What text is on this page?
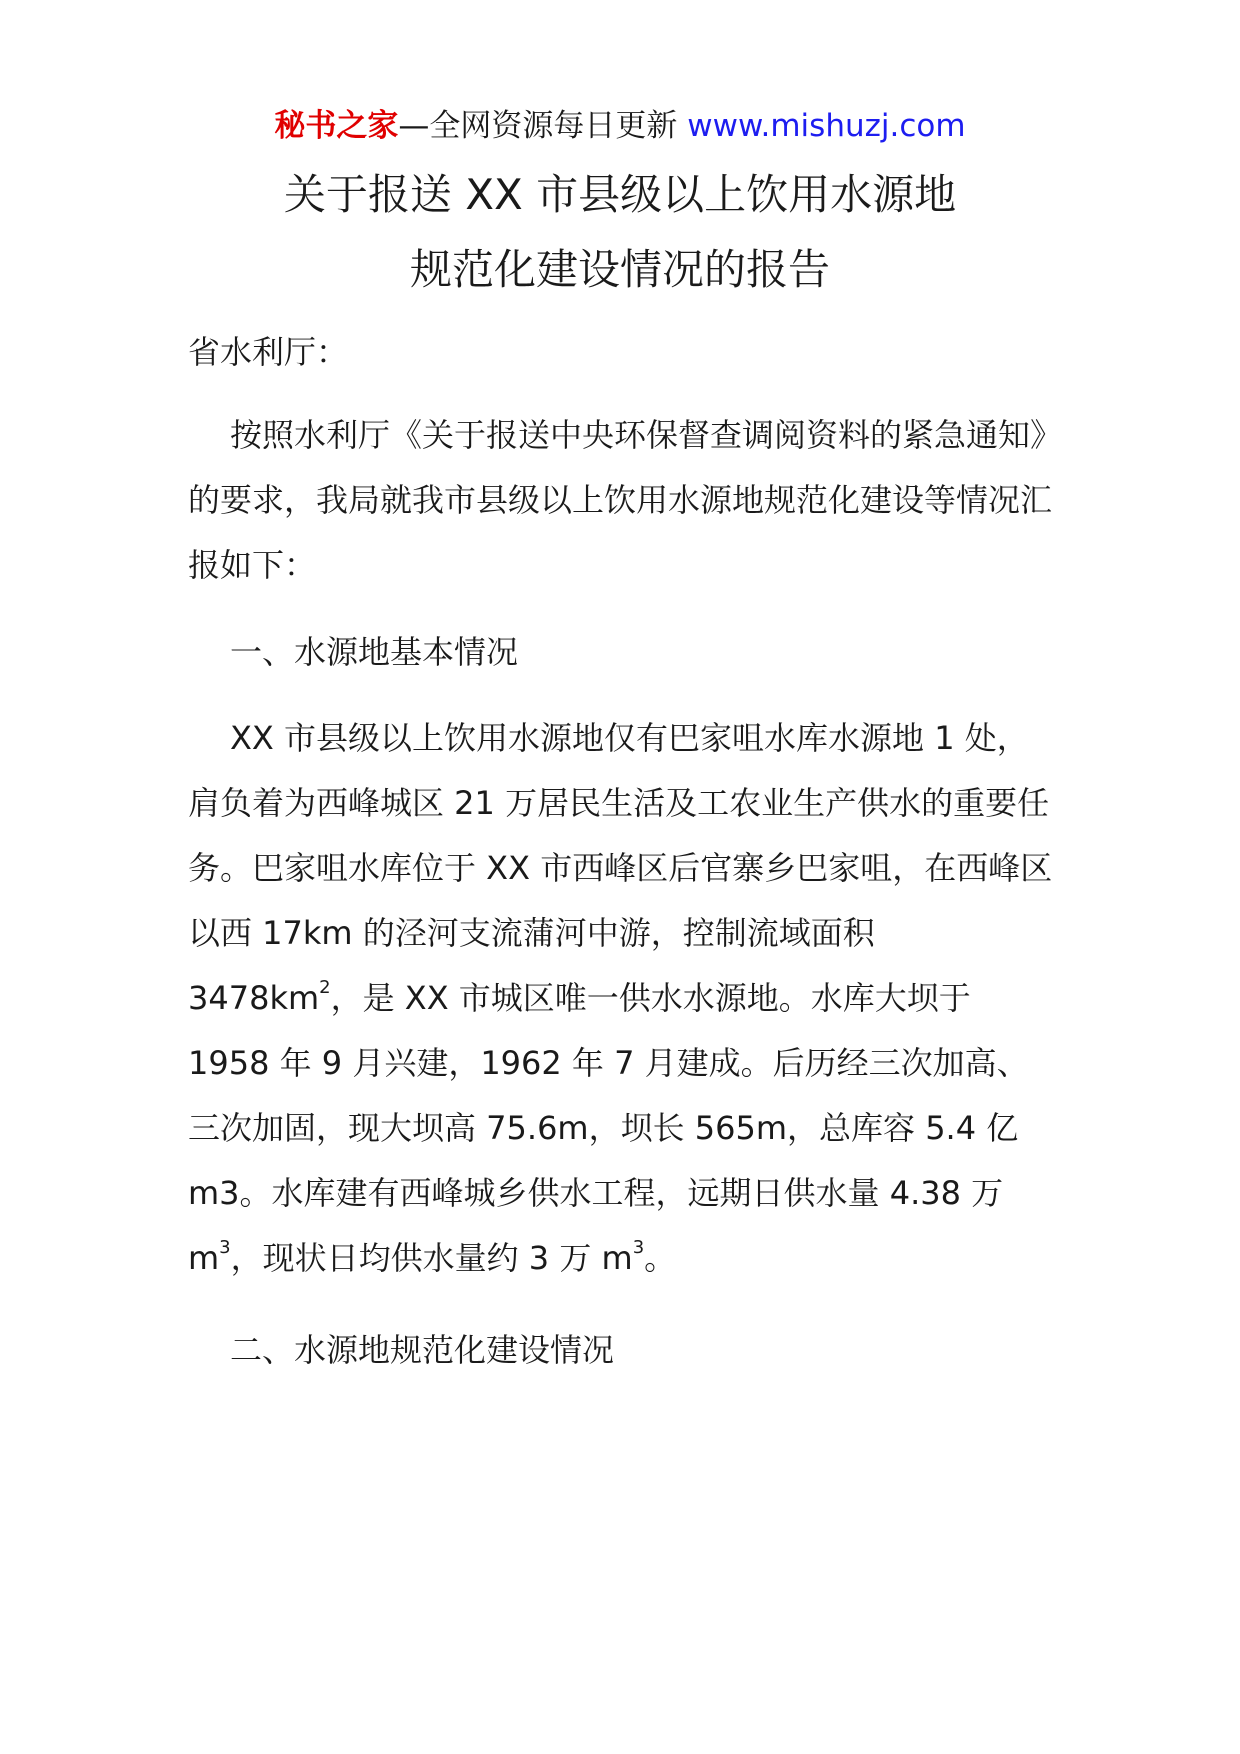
秘书之家—全网资源每日更新 www.mishuzj.com
关于报送 XX 市县级以上饮用水源地
规范化建设情况的报告
省水利厅：
按照水利厅《关于报送中央环保督查调阅资料的紧急通知》的要求，我局就我市县级以上饮用水源地规范化建设等情况汇报如下：
一、水源地基本情况
XX 市县级以上饮用水源地仅有巴家咀水库水源地 1 处，肩负着为西峰城区 21 万居民生活及工农业生产供水的重要任务。巴家咀水库位于 XX 市西峰区后官寨乡巴家咀，在西峰区以西 17km 的泾河支流蒲河中游，控制流域面积 $3478km^2$，是 XX 市城区唯一供水水源地。水库大坝于 1958 年 9 月兴建，1962 年 7 月建成。后历经三次加高、三次加固，现大坝高 75.6m，坝长 565m，总库容 5.4 亿 m3。水库建有西峰城乡供水工程，远期日供水量 4.38 万 $m^3$，现状日均供水量约 3 万 $m^3$。
二、水源地规范化建设情况
